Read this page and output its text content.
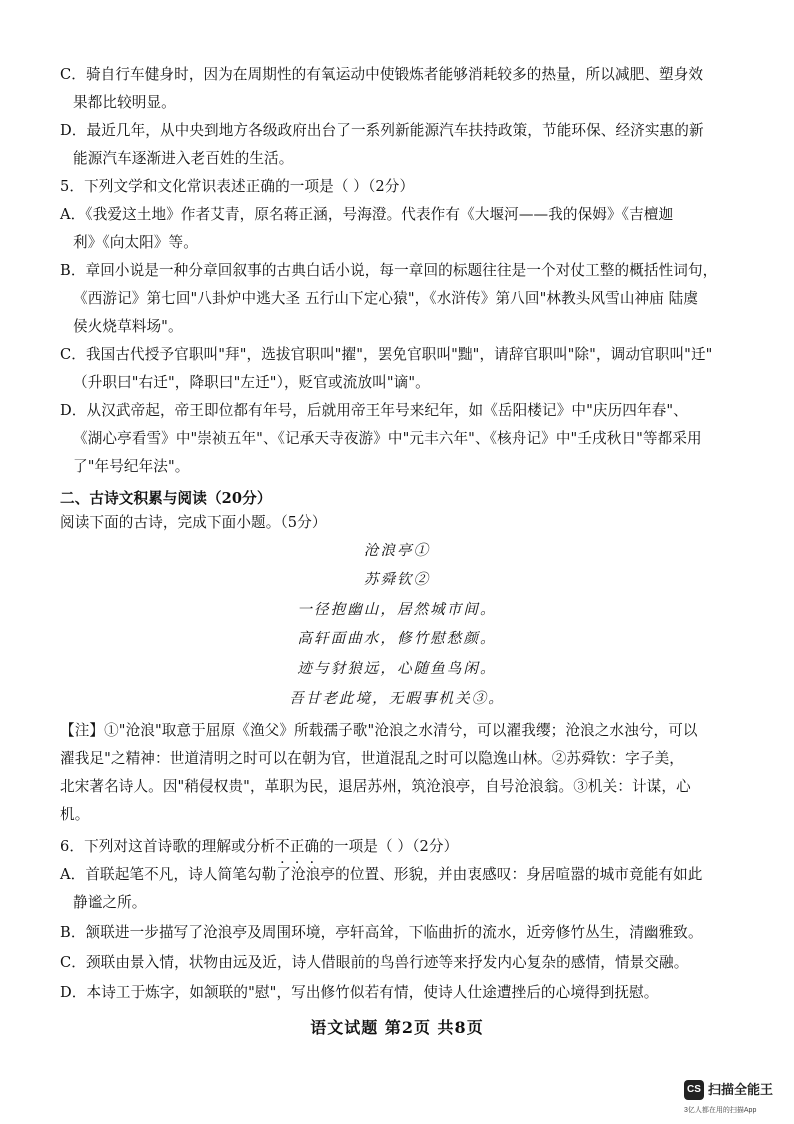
C．骑自行车健身时，因为在周期性的有氧运动中使锻炼者能够消耗较多的热量，所以减肥、塑身效
果都比较明显。
D．最近几年，从中央到地方各级政府出台了一系列新能源汽车扶持政策，节能环保、经济实惠的新
能源汽车逐渐进入老百姓的生活。
5．下列文学和文化常识表述正确的一项是（ ）（2分）
A．《我爱这土地》作者艾青，原名蒋正涵，号海澄。代表作有《大堰河——我的保姆》《吉檀迦
利》《向太阳》等。
B．章回小说是一种分章回叙事的古典白话小说，每一章回的标题往往是一个对仗工整的概括性词句，
《西游记》第七回"八卦炉中逃大圣 五行山下定心猿"，《水浒传》第八回"林教头风雪山神庙 陆虞
侯火烧草料场"。
C．我国古代授予官职叫"拜"，选拔官职叫"擢"，罢免官职叫"黜"，请辞官职叫"除"，调动官职叫"迁"
（升职曰"右迁"，降职曰"左迁"），贬官或流放叫"谪"。
D．从汉武帝起，帝王即位都有年号，后就用帝王年号来纪年，如《岳阳楼记》中"庆历四年春"、
《湖心亭看雪》中"崇祯五年"、《记承天寺夜游》中"元丰六年"、《核舟记》中"壬戌秋日"等都采用
了"年号纪年法"。
二、古诗文积累与阅读（20分）
阅读下面的古诗，完成下面小题。（5分）
沧浪亭①
苏舜钦②
一径抱幽山，居然城市间。
高轩面曲水，修竹慰愁颜。
迹与豺狼远，心随鱼鸟闲。
吾甘老此境，无暇事机关③。
【注】①"沧浪"取意于屈原《渔父》所载孺子歌"沧浪之水清兮，可以濯我缨；沧浪之水浊兮，可以
濯我足"之精神：世道清明之时可以在朝为官，世道混乱之时可以隐逸山林。②苏舜钦：字子美，
北宋著名诗人。因"稍侵权贵"，革职为民，退居苏州，筑沧浪亭，自号沧浪翁。③机关：计谋，心
机。
6．下列对这首诗歌的理解或分析不正确的一项是（ ）（2分）
A．首联起笔不凡，诗人简笔勾勒了沧浪亭的位置、形貌，并由衷感叹：身居喧嚣的城市竟能有如此
静谧之所。
B．颔联进一步描写了沧浪亭及周围环境，亭轩高耸，下临曲折的流水，近旁修竹丛生，清幽雅致。
C．颈联由景入情，状物由远及近，诗人借眼前的鸟兽行迹等来抒发内心复杂的感情，情景交融。
D．本诗工于炼字，如颔联的"慰"，写出修竹似若有情，使诗人仕途遭挫后的心境得到抚慰。
语文试题 第2页 共8页
CS 扫描全能王
3亿人都在用的扫描App
